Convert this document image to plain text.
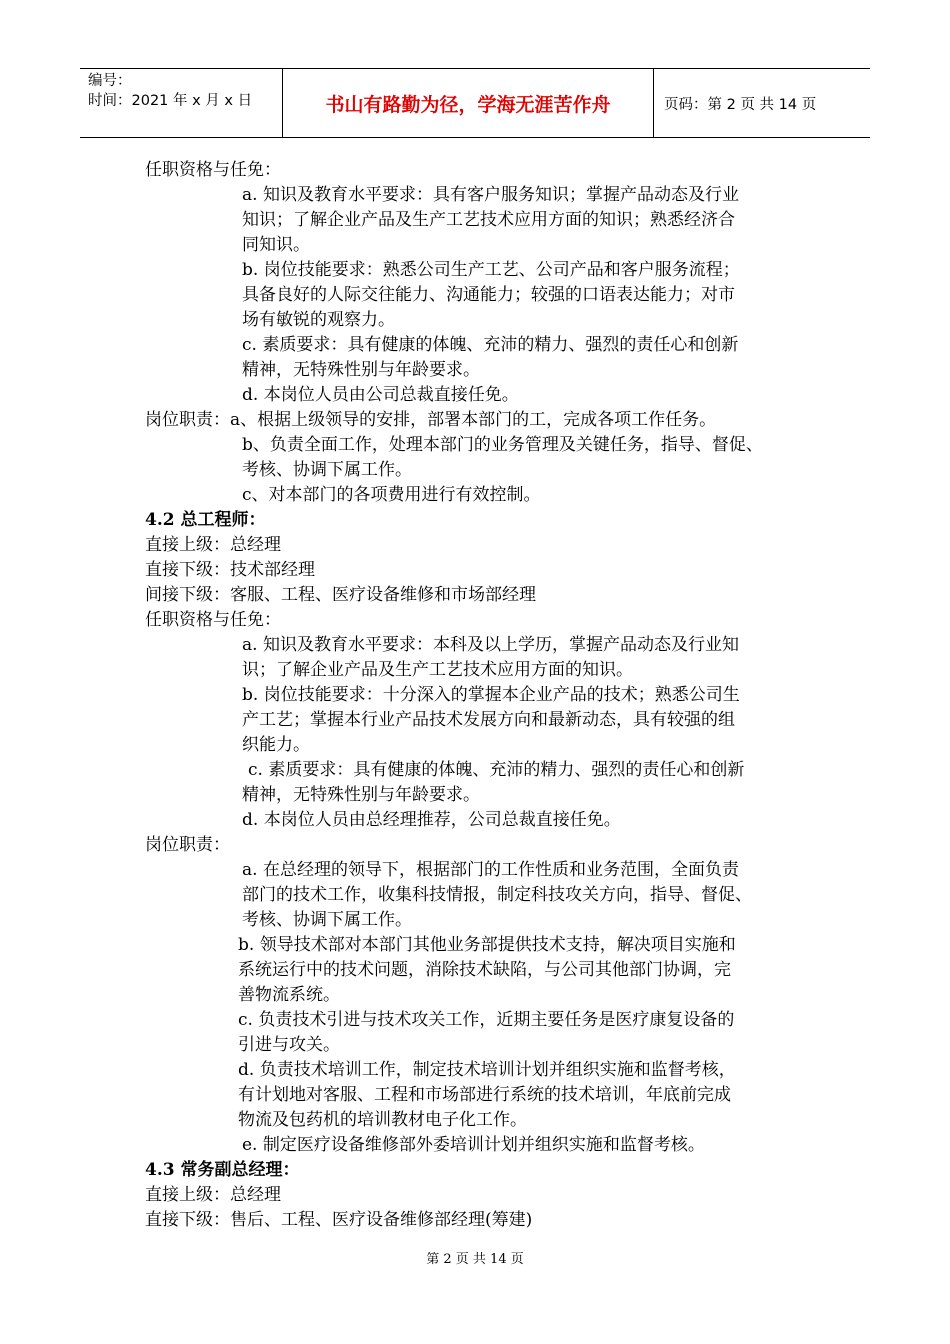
编号：
时间：2021 年 x 月 x 日	书山有路勤为径，学海无涯苦作舟	页码：第 2 页 共 14 页
任职资格与任免：
a. 知识及教育水平要求：具有客户服务知识；掌握产品动态及行业
知识；了解企业产品及生产工艺技术应用方面的知识；熟悉经济合
同知识。
b. 岗位技能要求：熟悉公司生产工艺、公司产品和客户服务流程；
具备良好的人际交往能力、沟通能力；较强的口语表达能力；对市
场有敏锐的观察力。
c. 素质要求：具有健康的体魄、充沛的精力、强烈的责任心和创新
精神，无特殊性别与年龄要求。
d. 本岗位人员由公司总裁直接任免。
岗位职责：a、根据上级领导的安排，部署本部门的工，完成各项工作任务。
b、负责全面工作，处理本部门的业务管理及关键任务，指导、督促、
考核、协调下属工作。
c、对本部门的各项费用进行有效控制。
4.2 总工程师：
直接上级：总经理
直接下级：技术部经理
间接下级：客服、工程、医疗设备维修和市场部经理
任职资格与任免：
a. 知识及教育水平要求：本科及以上学历，掌握产品动态及行业知
识；了解企业产品及生产工艺技术应用方面的知识。
b. 岗位技能要求：十分深入的掌握本企业产品的技术；熟悉公司生
产工艺；掌握本行业产品技术发展方向和最新动态，具有较强的组
织能力。
c. 素质要求：具有健康的体魄、充沛的精力、强烈的责任心和创新
精神，无特殊性别与年龄要求。
d. 本岗位人员由总经理推荐，公司总裁直接任免。
岗位职责：
a. 在总经理的领导下，根据部门的工作性质和业务范围，全面负责
部门的技术工作，收集科技情报，制定科技攻关方向，指导、督促、
考核、协调下属工作。
b. 领导技术部对本部门其他业务部提供技术支持，解决项目实施和
系统运行中的技术问题，消除技术缺陷，与公司其他部门协调，完
善物流系统。
c. 负责技术引进与技术攻关工作，近期主要任务是医疗康复设备的
引进与攻关。
d. 负责技术培训工作，制定技术培训计划并组织实施和监督考核，
有计划地对客服、工程和市场部进行系统的技术培训，年底前完成
物流及包药机的培训教材电子化工作。
e. 制定医疗设备维修部外委培训计划并组织实施和监督考核。
4.3 常务副总经理：
直接上级：总经理
直接下级：售后、工程、医疗设备维修部经理(筹建)
第 2 页 共 14 页
